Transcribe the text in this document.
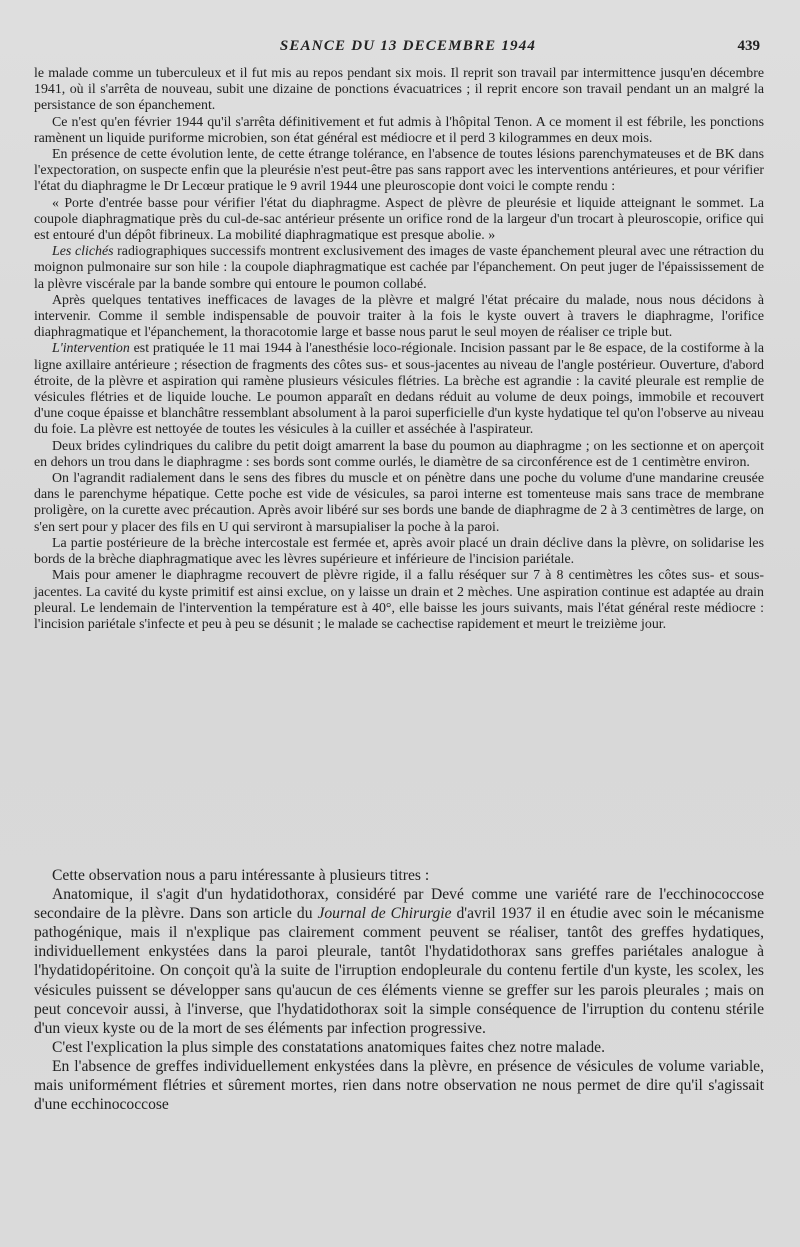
SEANCE DU 13 DECEMBRE 1944	439

le malade comme un tuberculeux et il fut mis au repos pendant six mois. Il reprit son travail par intermittence jusqu'en décembre 1941, où il s'arrêta de nouveau, subit une dizaine de ponctions évacuatrices ; il reprit encore son travail pendant un an malgré la persistance de son épanchement.

Ce n'est qu'en février 1944 qu'il s'arrêta définitivement et fut admis à l'hôpital Tenon. A ce moment il est fébrile, les ponctions ramènent un liquide puriforme microbien, son état général est médiocre et il perd 3 kilogrammes en deux mois.

En présence de cette évolution lente, de cette étrange tolérance, en l'absence de toutes lésions parenchymateuses et de BK dans l'expectoration, on suspecte enfin que la pleurésie n'est peut-être pas sans rapport avec les interventions antérieures, et pour vérifier l'état du diaphragme le Dr Lecœur pratique le 9 avril 1944 une pleuroscopie dont voici le compte rendu :

« Porte d'entrée basse pour vérifier l'état du diaphragme. Aspect de plèvre de pleurésie et liquide atteignant le sommet. La coupole diaphragmatique près du cul-de-sac antérieur présente un orifice rond de la largeur d'un trocart à pleuroscopie, orifice qui est entouré d'un dépôt fibrineux. La mobilité diaphragmatique est presque abolie. »

Les clichés radiographiques successifs montrent exclusivement des images de vaste épanchement pleural avec une rétraction du moignon pulmonaire sur son hile : la coupole diaphragmatique est cachée par l'épanchement. On peut juger de l'épaississement de la plèvre viscérale par la bande sombre qui entoure le poumon collabé.

Après quelques tentatives inefficaces de lavages de la plèvre et malgré l'état précaire du malade, nous nous décidons à intervenir. Comme il semble indispensable de pouvoir traiter à la fois le kyste ouvert à travers le diaphragme, l'orifice diaphragmatique et l'épanchement, la thoracotomie large et basse nous parut le seul moyen de réaliser ce triple but.

L'intervention est pratiquée le 11 mai 1944 à l'anesthésie loco-régionale. Incision passant par le 8e espace, de la costiforme à la ligne axillaire antérieure ; résection de fragments des côtes sus- et sous-jacentes au niveau de l'angle postérieur. Ouverture, d'abord étroite, de la plèvre et aspiration qui ramène plusieurs vésicules flétries. La brèche est agrandie : la cavité pleurale est remplie de vésicules flétries et de liquide louche. Le poumon apparaît en dedans réduit au volume de deux poings, immobile et recouvert d'une coque épaisse et blanchâtre ressemblant absolument à la paroi superficielle d'un kyste hydatique tel qu'on l'observe au niveau du foie. La plèvre est nettoyée de toutes les vésicules à la cuiller et asséchée à l'aspirateur.

Deux brides cylindriques du calibre du petit doigt amarrent la base du poumon au diaphragme ; on les sectionne et on aperçoit en dehors un trou dans le diaphragme : ses bords sont comme ourlés, le diamètre de sa circonférence est de 1 centimètre environ.

On l'agrandit radialement dans le sens des fibres du muscle et on pénètre dans une poche du volume d'une mandarine creusée dans le parenchyme hépatique. Cette poche est vide de vésicules, sa paroi interne est tomenteuse mais sans trace de membrane proligère, on la curette avec précaution. Après avoir libéré sur ses bords une bande de diaphragme de 2 à 3 centimètres de large, on s'en sert pour y placer des fils en U qui serviront à marsupialiser la poche à la paroi.

La partie postérieure de la brèche intercostale est fermée et, après avoir placé un drain déclive dans la plèvre, on solidarise les bords de la brèche diaphragmatique avec les lèvres supérieure et inférieure de l'incision pariétale.

Mais pour amener le diaphragme recouvert de plèvre rigide, il a fallu réséquer sur 7 à 8 centimètres les côtes sus- et sous-jacentes. La cavité du kyste primitif est ainsi exclue, on y laisse un drain et 2 mèches. Une aspiration continue est adaptée au drain pleural. Le lendemain de l'intervention la température est à 40°, elle baisse les jours suivants, mais l'état général reste médiocre : l'incision pariétale s'infecte et peu à peu se désunit ; le malade se cachectise rapidement et meurt le treizième jour.

Cette observation nous a paru intéressante à plusieurs titres :

Anatomique, il s'agit d'un hydatidothorax, considéré par Devé comme une variété rare de l'ecchinococcose secondaire de la plèvre. Dans son article du Journal de Chirurgie d'avril 1937 il en étudie avec soin le mécanisme pathogénique, mais il n'explique pas clairement comment peuvent se réaliser, tantôt des greffes hydatiques, individuellement enkystées dans la paroi pleurale, tantôt l'hydatidothorax sans greffes pariétales analogue à l'hydatidopéritoine. On conçoit qu'à la suite de l'irruption endopleurale du contenu fertile d'un kyste, les scolex, les vésicules puissent se développer sans qu'aucun de ces éléments vienne se greffer sur les parois pleurales ; mais on peut concevoir aussi, à l'inverse, que l'hydatidothorax soit la simple conséquence de l'irruption du contenu stérile d'un vieux kyste ou de la mort de ses éléments par infection progressive.

C'est l'explication la plus simple des constatations anatomiques faites chez notre malade.

En l'absence de greffes individuellement enkystées dans la plèvre, en présence de vésicules de volume variable, mais uniformément flétries et sûrement mortes, rien dans notre observation ne nous permet de dire qu'il s'agissait d'une ecchinococcose
